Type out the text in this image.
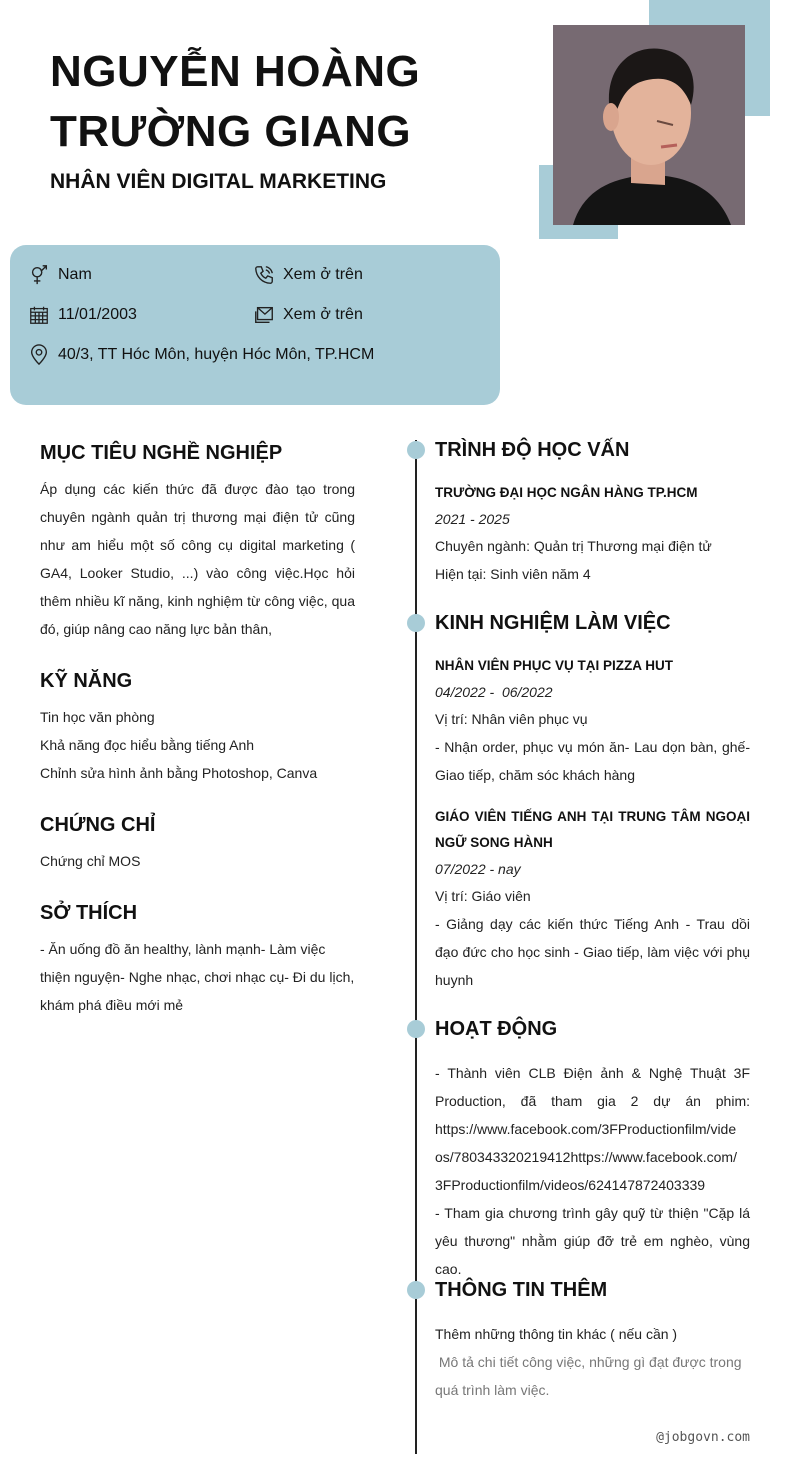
NGUYỄN HOÀNG
TRƯỜNG GIANG
NHÂN VIÊN DIGITAL MARKETING
Nam	Xem ở trên
11/01/2003	Xem ở trên
40/3, TT Hóc Môn, huyện Hóc Môn, TP.HCM
MỤC TIÊU NGHỀ NGHIỆP
Áp dụng các kiến thức đã được đào tạo trong chuyên ngành quản trị thương mại điện tử cũng như am hiểu một số công cụ digital marketing ( GA4, Looker Studio, ...) vào công việc.Học hỏi thêm nhiều kĩ năng, kinh nghiệm từ công việc, qua đó, giúp nâng cao năng lực bản thân,
KỸ NĂNG
Tin học văn phòng
Khả năng đọc hiểu bằng tiếng Anh
Chỉnh sửa hình ảnh bằng Photoshop, Canva
CHỨNG CHỈ
Chứng chỉ MOS
SỞ THÍCH
- Ăn uống đồ ăn healthy, lành mạnh- Làm việc thiện nguyện- Nghe nhạc, chơi nhạc cụ- Đi du lịch, khám phá điều mới mẻ
TRÌNH ĐỘ HỌC VẤN
TRƯỜNG ĐẠI HỌC NGÂN HÀNG TP.HCM
2021 - 2025
Chuyên ngành: Quản trị Thương mại điện tử
Hiện tại: Sinh viên năm 4
KINH NGHIỆM LÀM VIỆC
NHÂN VIÊN PHỤC VỤ TẠI PIZZA HUT
04/2022 -  06/2022
Vị trí: Nhân viên phục vụ
- Nhận order, phục vụ món ăn- Lau dọn bàn, ghế- Giao tiếp, chăm sóc khách hàng
GIÁO VIÊN TIẾNG ANH TẠI TRUNG TÂM NGOẠI NGỮ SONG HÀNH
07/2022 - nay
Vị trí: Giáo viên
- Giảng dạy các kiến thức Tiếng Anh - Trau dồi đạo đức cho học sinh - Giao tiếp, làm việc với phụ huynh
HOẠT ĐỘNG
- Thành viên CLB Điện ảnh & Nghệ Thuật 3F
Production, đã tham gia 2 dự án phim:
https://www.facebook.com/3FProductionfilm/vide
os/780343320219412https://www.facebook.com/
3FProductionfilm/videos/624147872403339
- Tham gia chương trình gây quỹ từ thiện "Cặp lá yêu thương" nhằm giúp đỡ trẻ em nghèo, vùng cao.
THÔNG TIN THÊM
Thêm những thông tin khác ( nếu cần )
Mô tả chi tiết công việc, những gì đạt được trong quá trình làm việc.
@jobgovn.com
